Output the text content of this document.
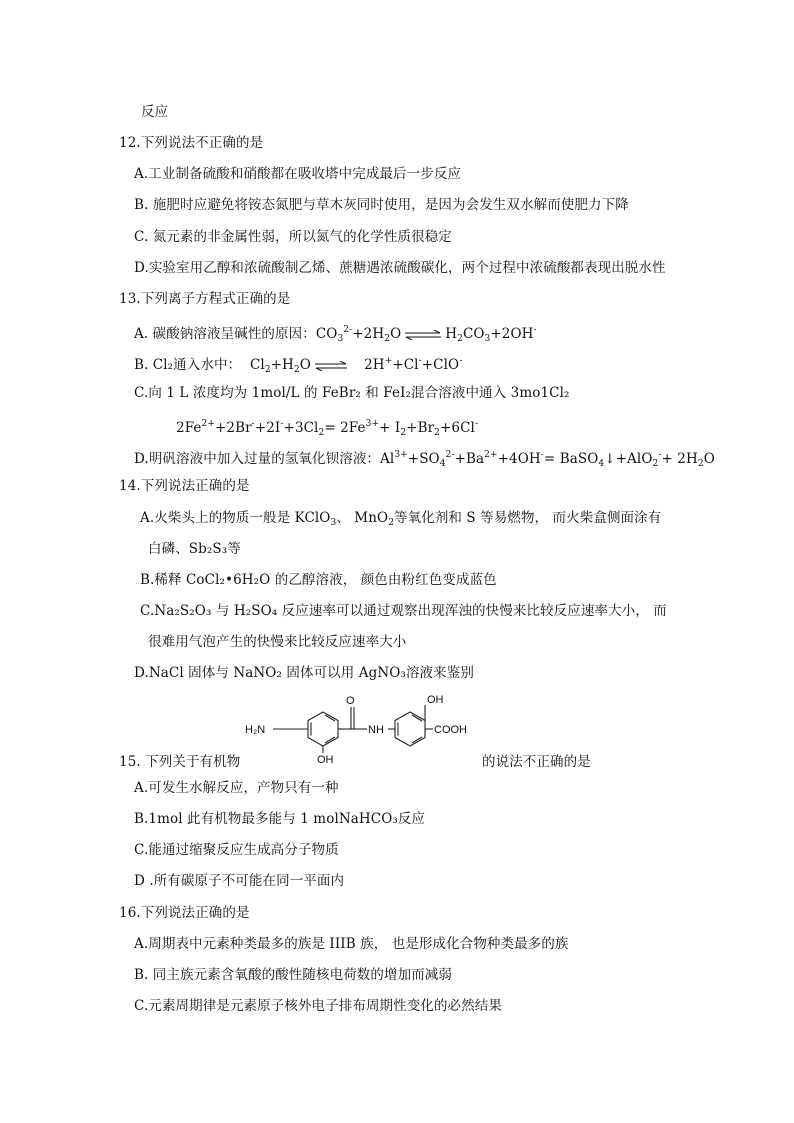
反应
12.下列说法不正确的是
A.工业制备硫酸和硝酸都在吸收塔中完成最后一步反应
B. 施肥时应避免将铵态氮肥与草木灰同时使用，是因为会发生双水解而使肥力下降
C. 氮元素的非金属性弱，所以氮气的化学性质很稳定
D.实验室用乙醇和浓硫酸制乙烯、蔗糖遇浓硫酸碳化，两个过程中浓硫酸都表现出脱水性
13.下列离子方程式正确的是
A. 碳酸钠溶液呈碱性的原因：$CO_3^{2-}+2H_2O$ ⇌ $H_2CO_3+2OH^-$
B. Cl₂通入水中：  $Cl_2+H_2O$ ⇌ 2H++Cl-+ClO-
C.向 1 L 浓度均为 1mol/L 的 FeBr₂ 和 FeI₂混合溶液中通入 3mo1Cl₂
$2Fe^{2+}+2Br^-+2I^-+3Cl_2= 2Fe^{3+}+ I_2+Br_2+6Cl^-$
D.明矾溶液中加入过量的氢氧化钡溶液：$Al^{3+}+SO_4^{2-}+Ba^{2+}+4OH^-=$ BaSO$_4$↓+AlO$_2$-+ $2H_2O$
14.下列说法正确的是
A.火柴头上的物质一般是 KClO$_3$、 MnO$_2$等氧化剂和 S 等易燃物， 而火柴盒侧面涂有
白磷、Sb₂S₃等
B.稀释 CoCl₂•6H₂O 的乙醇溶液， 颜色由粉红色变成蓝色
C.Na₂S₂O₃ 与 H₂SO₄ 反应速率可以通过观察出现浑浊的快慢来比较反应速率大小， 而
很难用气泡产生的快慢来比较反应速率大小
D.NaCl 固体与 NaNO₂ 固体可以用 AgNO₃溶液来鉴别
H₂N
O
NH
OH
OH
COOH
15. 下列关于有机物	的说法不正确的是
A.可发生水解反应，产物只有一种
B.1mol 此有机物最多能与 1 molNaHCO₃反应
C.能通过缩聚反应生成高分子物质
D .所有碳原子不可能在同一平面内
16.下列说法正确的是
A.周期表中元素种类最多的族是 IIIB 族， 也是形成化合物种类最多的族
B. 同主族元素含氧酸的酸性随核电荷数的增加而减弱
C.元素周期律是元素原子核外电子排布周期性变化的必然结果
